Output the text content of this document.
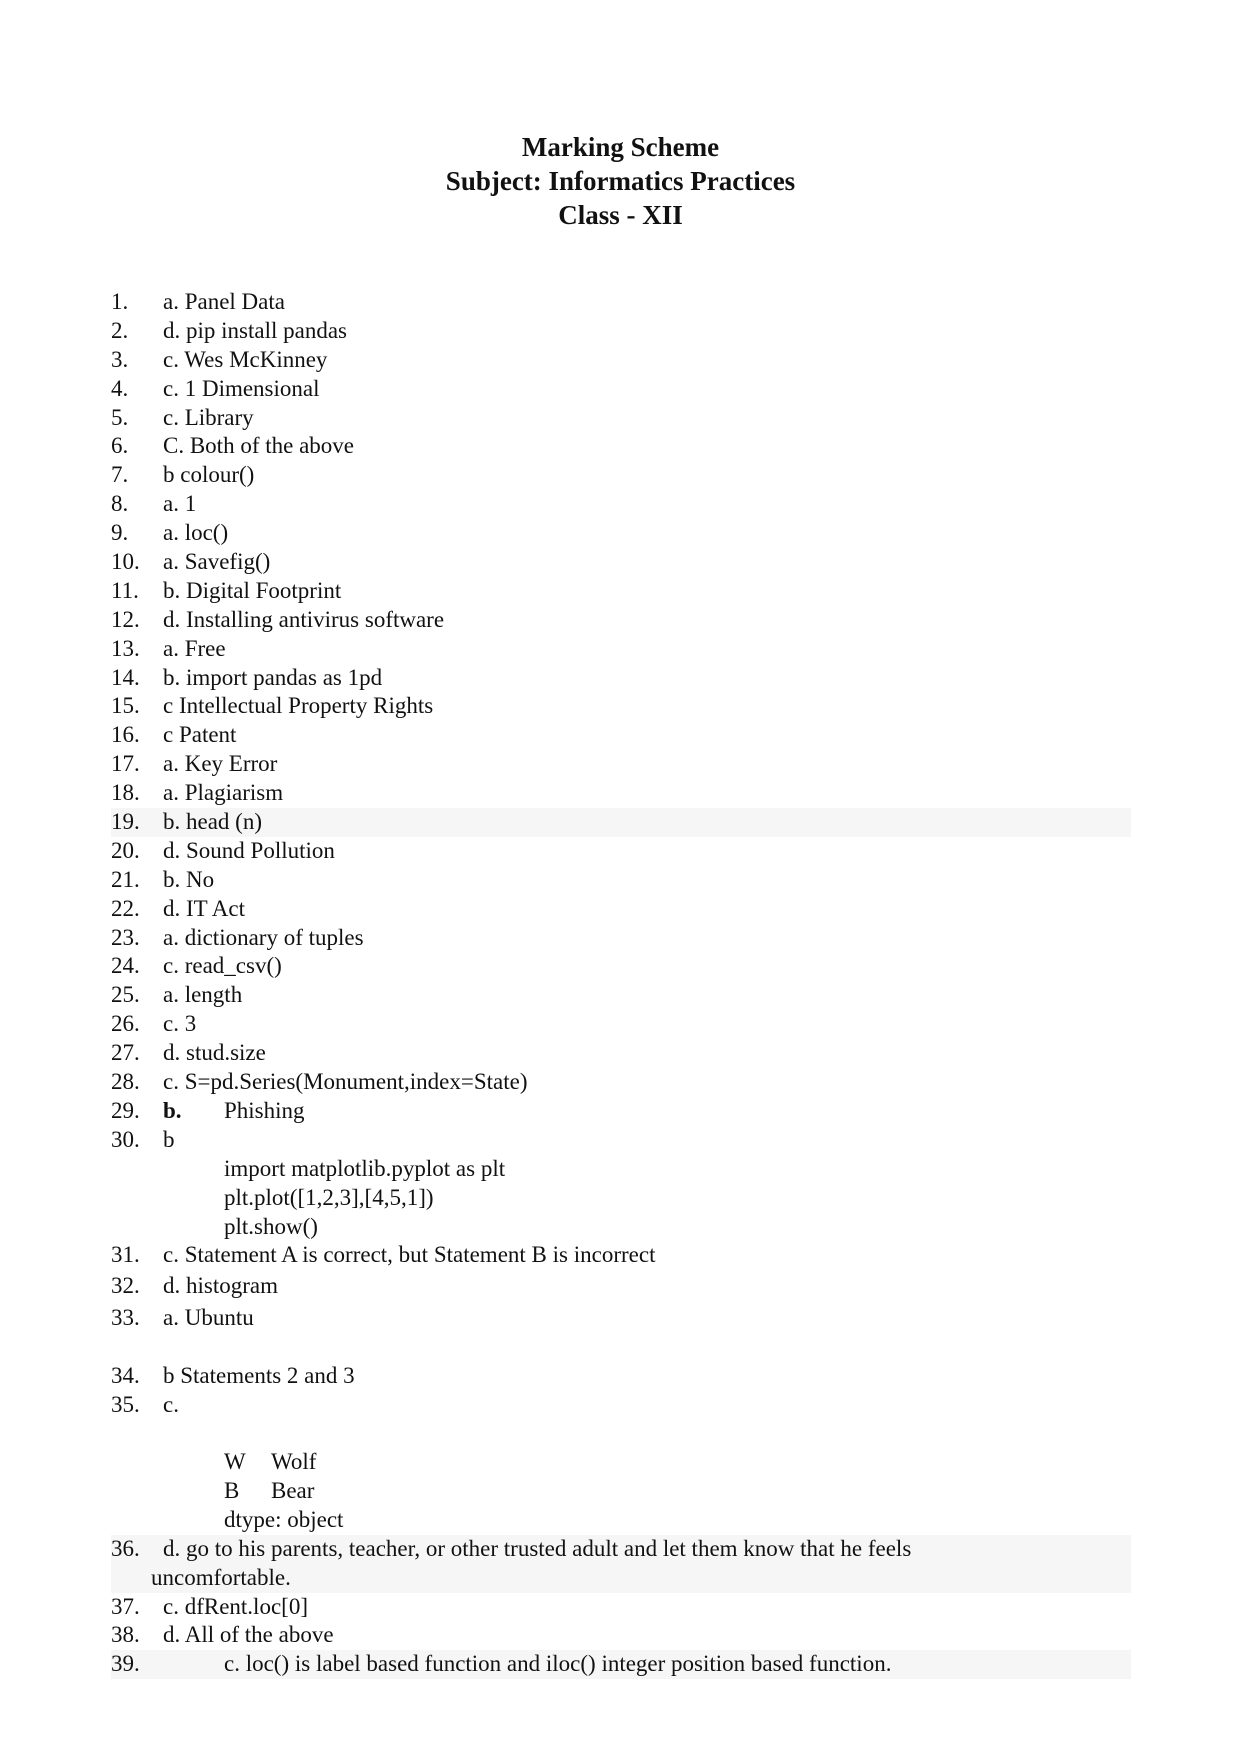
Marking Scheme
Subject: Informatics Practices
Class - XII
1. a. Panel Data
2. d. pip install pandas
3. c. Wes McKinney
4. c. 1 Dimensional
5. c. Library
6. C. Both of the above
7. b colour()
8. a. 1
9. a. loc()
10. a. Savefig()
11. b. Digital Footprint
12. d. Installing antivirus software
13. a. Free
14. b. import pandas as 1pd
15. c Intellectual Property Rights
16. c Patent
17. a. Key Error
18. a. Plagiarism
19. b. head (n)
20. d. Sound Pollution
21. b. No
22. d. IT Act
23. a. dictionary of tuples
24. c. read_csv()
25. a. length
26. c. 3
27. d. stud.size
28. c. S=pd.Series(Monument,index=State)
29. b. Phishing
30. b
import matplotlib.pyplot as plt
plt.plot([1,2,3],[4,5,1])
plt.show()
31. c. Statement A is correct, but Statement B is incorrect
32. d. histogram
33. a. Ubuntu
34. b Statements 2 and 3
35. c.
W Wolf
B Bear
dtype: object
36. d. go to his parents, teacher, or other trusted adult and let them know that he feels
uncomfortable.
37. c. dfRent.loc[0]
38. d. All of the above
39.	c. loc() is label based function and iloc() integer position based function.
